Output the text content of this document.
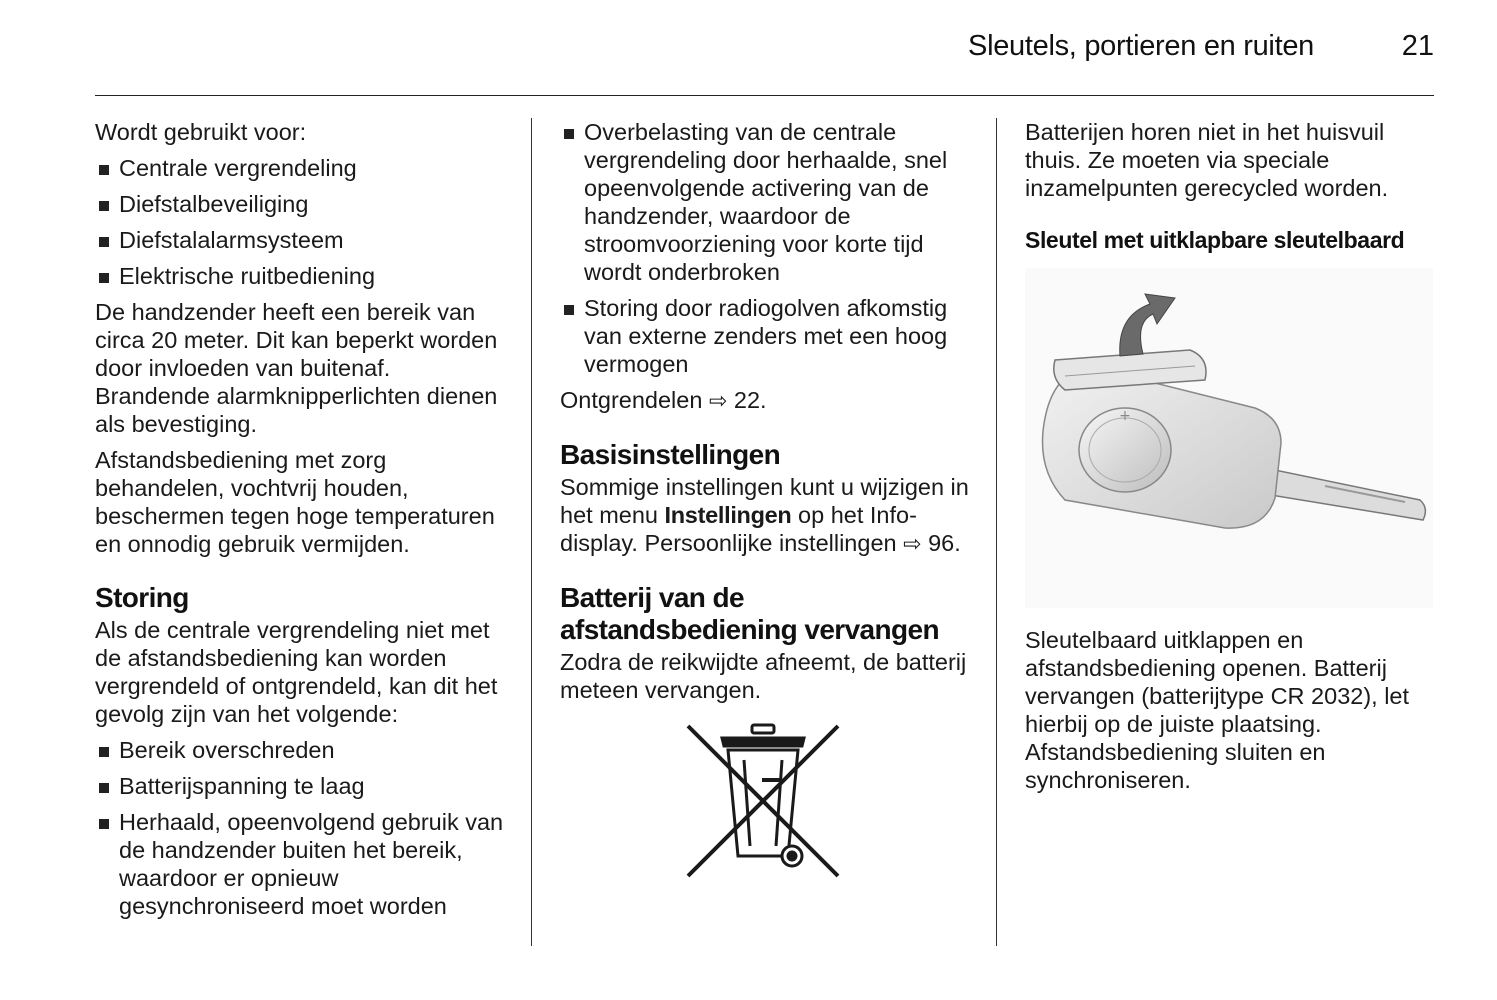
Sleutels, portieren en ruiten	21

Wordt gebruikt voor:

Centrale vergrendeling
Diefstalbeveiliging
Diefstalalarmsysteem
Elektrische ruitbediening

De handzender heeft een bereik van circa 20 meter. Dit kan beperkt worden door invloeden van buitenaf. Brandende alarmknipperlichten dienen als bevestiging.

Afstandsbediening met zorg behandelen, vochtvrij houden, beschermen tegen hoge temperaturen en onnodig gebruik vermijden.

Storing

Als de centrale vergrendeling niet met de afstandsbediening kan worden vergrendeld of ontgrendeld, kan dit het gevolg zijn van het volgende:

Bereik overschreden
Batterijspanning te laag
Herhaald, opeenvolgend gebruik van de handzender buiten het bereik, waardoor er opnieuw gesynchroniseerd moet worden
Overbelasting van de centrale vergrendeling door herhaalde, snel opeenvolgende activering van de handzender, waardoor de stroomvoorziening voor korte tijd wordt onderbroken
Storing door radiogolven afkomstig van externe zenders met een hoog vermogen

Ontgrendelen ⇨ 22.

Basisinstellingen

Sommige instellingen kunt u wijzigen in het menu Instellingen op het Info-display. Persoonlijke instellingen ⇨ 96.

Batterij van de
afstandsbediening vervangen

Zodra de reikwijdte afneemt, de batterij meteen vervangen.

Batterijen horen niet in het huisvuil thuis. Ze moeten via speciale inzamelpunten gerecycled worden.

Sleutel met uitklapbare sleutelbaard
+

Sleutelbaard uitklappen en afstandsbediening openen. Batterij vervangen (batterijtype CR 2032), let hierbij op de juiste plaatsing. Afstandsbediening sluiten en synchroniseren.
